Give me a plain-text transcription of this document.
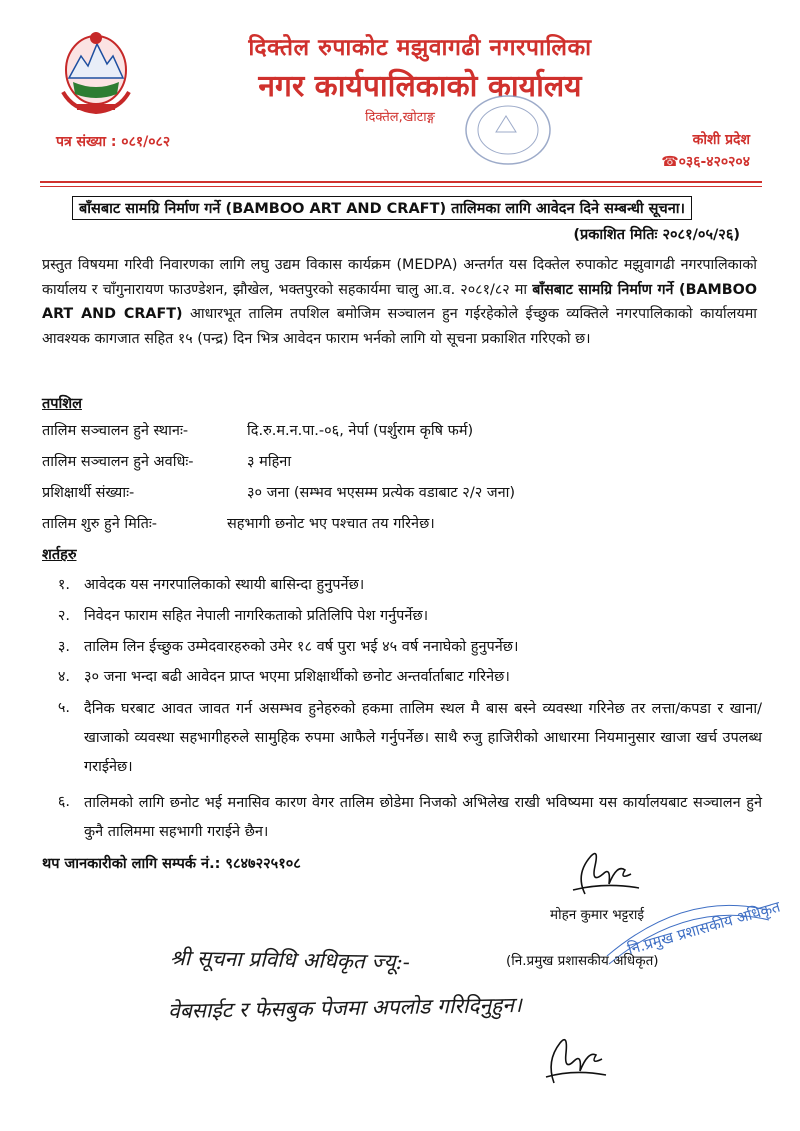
दिक्तेल रुपाकोट मझुवागढी नगरपालिका
नगर कार्यपालिकाको कार्यालय
दिक्तेल,खोटाङ्ग
पत्र संख्या : ०८१/०८२	कोशी प्रदेश
☎०३६-४२०२०४
बाँसबाट सामग्रि निर्माण गर्ने (BAMBOO ART AND CRAFT) तालिमका लागि आवेदन दिने सम्बन्धी सूचना।
(प्रकाशित मितिः २०८१/०५/२६)
प्रस्तुत विषयमा गरिवी निवारणका लागि लघु उद्यम विकास कार्यक्रम (MEDPA) अन्तर्गत यस दिक्तेल रुपाकोट मझुवागढी नगरपालिकाको कार्यालय र चाँगुनारायण फाउण्डेशन, झौखेल, भक्तपुरको सहकार्यमा चालु आ.व. २०८१/८२ मा बाँसबाट सामग्रि निर्माण गर्ने (BAMBOO ART AND CRAFT) आधारभूत तालिम तपशिल बमोजिम सञ्चालन हुन गईरहेकोले ईच्छुक व्यक्तिले नगरपालिकाको कार्यालयमा आवश्यक कागजात सहित १५ (पन्द्र) दिन भित्र आवेदन फाराम भर्नको लागि यो सूचना प्रकाशित गरिएको छ।
तपशिल
तालिम सञ्चालन हुने स्थानः-	दि.रु.म.न.पा.-०६, नेर्पा (पर्शुराम कृषि फर्म)
तालिम सञ्चालन हुने अवधिः-	३ महिना
प्रशिक्षार्थी संख्याः-	३० जना (सम्भव भएसम्म प्रत्येक वडाबाट २/२ जना)
तालिम शुरु हुने मितिः-	सहभागी छनोट भए पश्चात तय गरिनेछ।
शर्तहरु
१. आवेदक यस नगरपालिकाको स्थायी बासिन्दा हुनुपर्नेछ।
२. निवेदन फाराम सहित नेपाली नागरिकताको प्रतिलिपि पेश गर्नुपर्नेछ।
३. तालिम लिन ईच्छुक उम्मेदवारहरुको उमेर १८ वर्ष पुरा भई ४५ वर्ष ननाघेको हुनुपर्नेछ।
४. ३० जना भन्दा बढी आवेदन प्राप्त भएमा प्रशिक्षार्थीको छनोट अन्तर्वार्ताबाट गरिनेछ।
५. दैनिक घरबाट आवत जावत गर्न असम्भव हुनेहरुको हकमा तालिम स्थल मै बास बस्ने व्यवस्था गरिनेछ तर लत्ता/कपडा र खाना/खाजाको व्यवस्था सहभागीहरुले सामुहिक रुपमा आफैले गर्नुपर्नेछ। साथै रुजु हाजिरीको आधारमा नियमानुसार खाजा खर्च उपलब्ध गराईनेछ।
६. तालिमको लागि छनोट भई मनासिव कारण वेगर तालिम छोडेमा निजको अभिलेख राखी भविष्यमा यस कार्यालयबाट सञ्चालन हुने कुनै तालिममा सहभागी गराईने छैन।
थप जानकारीको लागि सम्पर्क नं.: ९८४७२२५१०८
मोहन कुमार भट्टराई
नि.प्रमुख प्रशासकीय अधिकृत
(नि.प्रमुख प्रशासकीय अधिकृत)
श्री सूचना प्रविधि अधिकृत ज्यू:-
वेबसाईट र फेसबुक पेजमा अपलोड गरिदिनुहुन।
